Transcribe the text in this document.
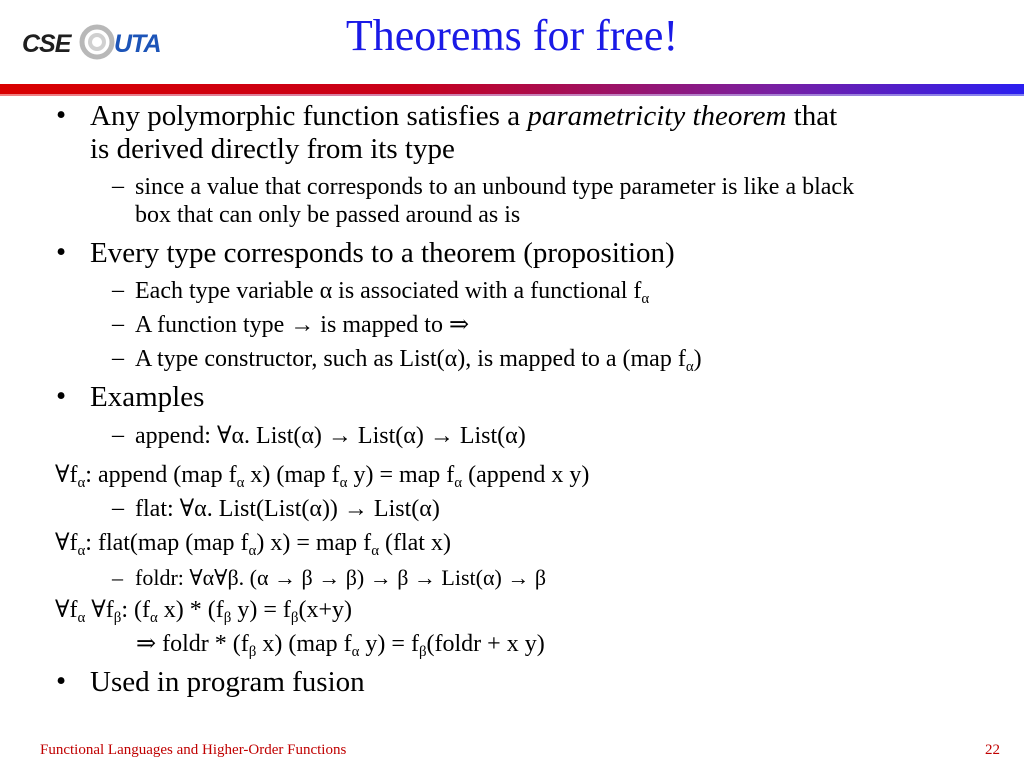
CSE UTA	Theorems for free!
• Any polymorphic function satisfies a parametricity theorem that
is derived directly from its type
– since a value that corresponds to an unbound type parameter is like a black
box that can only be passed around as is
• Every type corresponds to a theorem (proposition)
– Each type variable α is associated with a functional $f_\alpha$
– A function type → is mapped to ⇒
– A type constructor, such as List(α), is mapped to a (map $f_\alpha$)
• Examples
– append: ∀α. List(α) → List(α) → List(α)
$\forall f_\alpha$: append (map $f_\alpha$ x) (map $f_\alpha$ y) = map $f_\alpha$ (append x y)
– flat: ∀α. List(List(α)) → List(α)
$\forall f_\alpha$: flat(map (map $f_\alpha$) x) = map $f_\alpha$ (flat x)
– foldr: ∀α∀β. (α → β → β) → β → List(α) → β
$\forall f_\alpha$ $\forall f_\beta$: ($f_\alpha$ $x) * (f_\beta$ $y) = f_\beta(x+y)$
⇒ foldr * ($f_\beta$ x) (map $f_\alpha$ $y) = f_\beta(foldr + x$ y)
• Used in program fusion
Functional Languages and Higher-Order Functions	22
